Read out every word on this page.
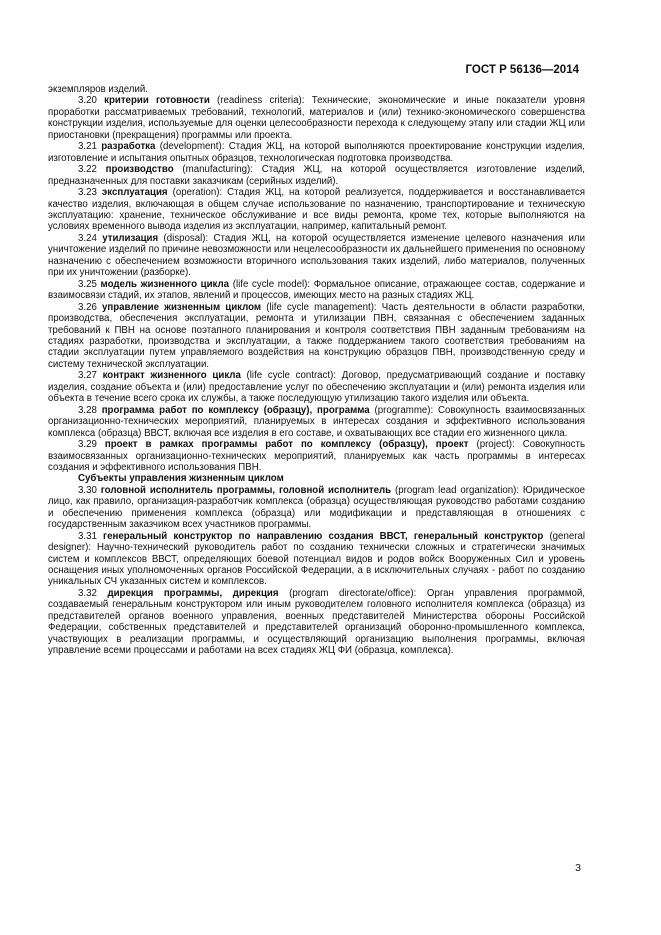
ГОСТ Р 56136—2014

экземпляров изделий.

3.20 критерии готовности (readiness criteria): Технические, экономические и иные показатели уровня проработки рассматриваемых требований, технологий, материалов и (или) технико-экономического совершенства конструкции изделия, используемые для оценки целесообразности перехода к следующему этапу или стадии ЖЦ или приостановки (прекращения) программы или проекта.

3.21 разработка (development): Стадия ЖЦ, на которой выполняются проектирование конструкции изделия, изготовление и испытания опытных образцов, технологическая подготовка производства.

3.22 производство (manufacturing): Стадия ЖЦ, на которой осуществляется изготовление изделий, предназначенных для поставки заказчикам (серийных изделий).

3.23 эксплуатация (operation): Стадия ЖЦ, на которой реализуется, поддерживается и восстанавливается качество изделия, включающая в общем случае использование по назначению, транспортирование и техническую эксплуатацию: хранение, техническое обслуживание и все виды ремонта, кроме тех, которые выполняются на условиях временного вывода изделия из эксплуатации, например, капитальный ремонт.

3.24 утилизация (disposal): Стадия ЖЦ, на которой осуществляется изменение целевого назначения или уничтожение изделий по причине невозможности или нецелесообразности их дальнейшего применения по основному назначению с обеспечением возможности вторичного использования таких изделий, либо материалов, полученных при их уничтожении (разборке).

3.25 модель жизненного цикла (life cycle model): Формальное описание, отражающее состав, содержание и взаимосвязи стадий, их этапов, явлений и процессов, имеющих место на разных стадиях ЖЦ.

3.26 управление жизненным циклом (life cycle management): Часть деятельности в области разработки, производства, обеспечения эксплуатации, ремонта и утилизации ПВН, связанная с обеспечением заданных требований к ПВН на основе поэтапного планирования и контроля соответствия ПВН заданным требованиям на стадиях разработки, производства и эксплуатации, а также поддержанием такого соответствия требованиям на стадии эксплуатации путем управляемого воздействия на конструкцию образцов ПВН, производственную среду и систему технической эксплуатации.

3.27 контракт жизненного цикла (life cycle contract): Договор, предусматривающий создание и поставку изделия, создание объекта и (или) предоставление услуг по обеспечению эксплуатации и (или) ремонта изделия или объекта в течение всего срока их службы, а также последующую утилизацию такого изделия или объекта.

3.28 программа работ по комплексу (образцу), программа (programme): Совокупность взаимосвязанных организационно-технических мероприятий, планируемых в интересах создания и эффективного использования комплекса (образца) ВВСТ, включая все изделия в его составе, и охватывающих все стадии его жизненного цикла.

3.29 проект в рамках программы работ по комплексу (образцу), проект (project): Совокупность взаимосвязанных организационно-технических мероприятий, планируемых как часть программы в интересах создания и эффективного использования ПВН.

Субъекты управления жизненным циклом

3.30 головной исполнитель программы, головной исполнитель (program lead organization): Юридическое лицо, как правило, организация-разработчик комплекса (образца) осуществляющая руководство работами созданию и обеспечению применения комплекса (образца) или модификации и представляющая в отношениях с государственным заказчиком всех участников программы.

3.31 генеральный конструктор по направлению создания ВВСТ, генеральный конструктор (general designer): Научно-технический руководитель работ по созданию технически сложных и стратегически значимых систем и комплексов ВВСТ, определяющих боевой потенциал видов и родов войск Вооруженных Сил и уровень оснащения иных уполномоченных органов Российской Федерации, а в исключительных случаях - работ по созданию уникальных СЧ указанных систем и комплексов.

3.32 дирекция программы, дирекция (program directorate/office): Орган управления программой, создаваемый генеральным конструктором или иным руководителем головного исполнителя комплекса (образца) из представителей органов военного управления, военных представителей Министерства обороны Российской Федерации, собственных представителей и представителей организаций оборонно-промышленного комплекса, участвующих в реализации программы, и осуществляющий организацию выполнения программы, включая управление всеми процессами и работами на всех стадиях ЖЦ ФИ (образца, комплекса).

3
